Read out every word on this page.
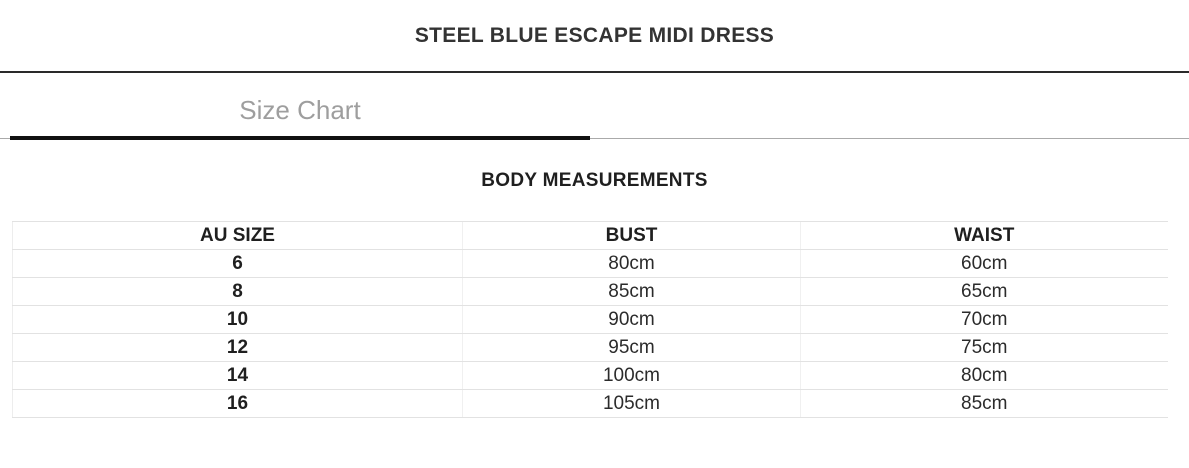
STEEL BLUE ESCAPE MIDI DRESS
Size Chart
BODY MEASUREMENTS
AU SIZE	BUST	WAIST
6	80cm	60cm
8	85cm	65cm
10	90cm	70cm
12	95cm	75cm
14	100cm	80cm
16	105cm	85cm
